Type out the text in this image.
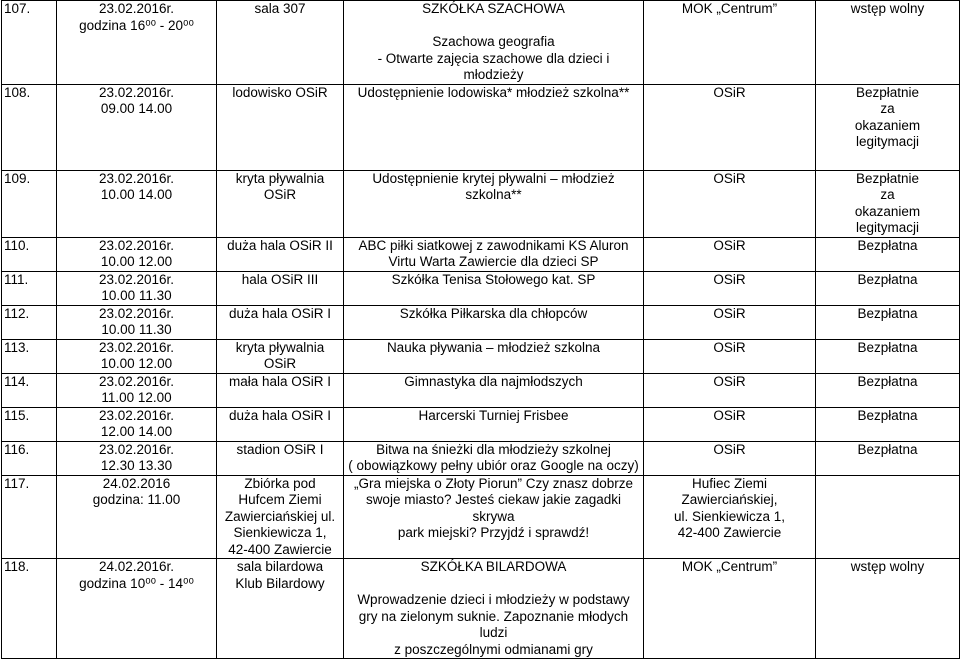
107.	23.02.2016r.
godzina 16⁰⁰ - 20⁰⁰	sala 307	SZKÓŁKA SZACHOWA

Szachowa geografia
- Otwarte zajęcia szachowe dla dzieci i młodzieży	MOK „Centrum”	wstęp wolny

108.	23.02.2016r.
09.00 14.00	lodowisko OSiR	Udostępnienie lodowiska* młodzież szkolna**	OSiR	Bezpłatnie
za
okazaniem
legitymacji

109.	23.02.2016r.
10.00 14.00	kryta pływalnia
OSiR	Udostępnienie krytej pływalni – młodzież
szkolna**	OSiR	Bezpłatnie
za
okazaniem
legitymacji

110.	23.02.2016r.
10.00 12.00	duża hala OSiR II	ABC piłki siatkowej z zawodnikami KS Aluron
Virtu Warta Zawiercie dla dzieci SP	OSiR	Bezpłatna

111.	23.02.2016r.
10.00 11.30	hala OSiR III	Szkółka Tenisa Stołowego kat. SP	OSiR	Bezpłatna

112.	23.02.2016r.
10.00 11.30	duża hala OSiR I	Szkółka Piłkarska dla chłopców	OSiR	Bezpłatna

113.	23.02.2016r.
10.00 12.00	kryta pływalnia
OSiR	Nauka pływania – młodzież szkolna	OSiR	Bezpłatna

114.	23.02.2016r.
11.00 12.00	mała hala OSiR I	Gimnastyka dla najmłodszych	OSiR	Bezpłatna

115.	23.02.2016r.
12.00 14.00	duża hala OSiR I	Harcerski Turniej Frisbee	OSiR	Bezpłatna

116.	23.02.2016r.
12.30 13.30	stadion OSiR I	Bitwa na śnieżki dla młodzieży szkolnej
( obowiązkowy pełny ubiór oraz Google na oczy)	OSiR	Bezpłatna

117.	24.02.2016
godzina: 11.00	Zbiórka pod
Hufcem Ziemi
Zawierciańskiej ul.
Sienkiewicza 1,
42-400 Zawiercie	„Gra miejska o Złoty Piorun” Czy znasz dobrze
swoje miasto? Jesteś ciekaw jakie zagadki skrywa
park miejski? Przyjdź i sprawdź!	Hufiec Ziemi
Zawierciańskiej,
ul. Sienkiewicza 1,
42-400 Zawiercie	

118.	24.02.2016r.
godzina 10⁰⁰ - 14⁰⁰	sala bilardowa
Klub Bilardowy	SZKÓŁKA BILARDOWA

Wprowadzenie dzieci i młodzieży w podstawy
gry na zielonym suknie. Zapoznanie młodych ludzi
z poszczególnymi odmianami gry	MOK „Centrum”	wstęp wolny
